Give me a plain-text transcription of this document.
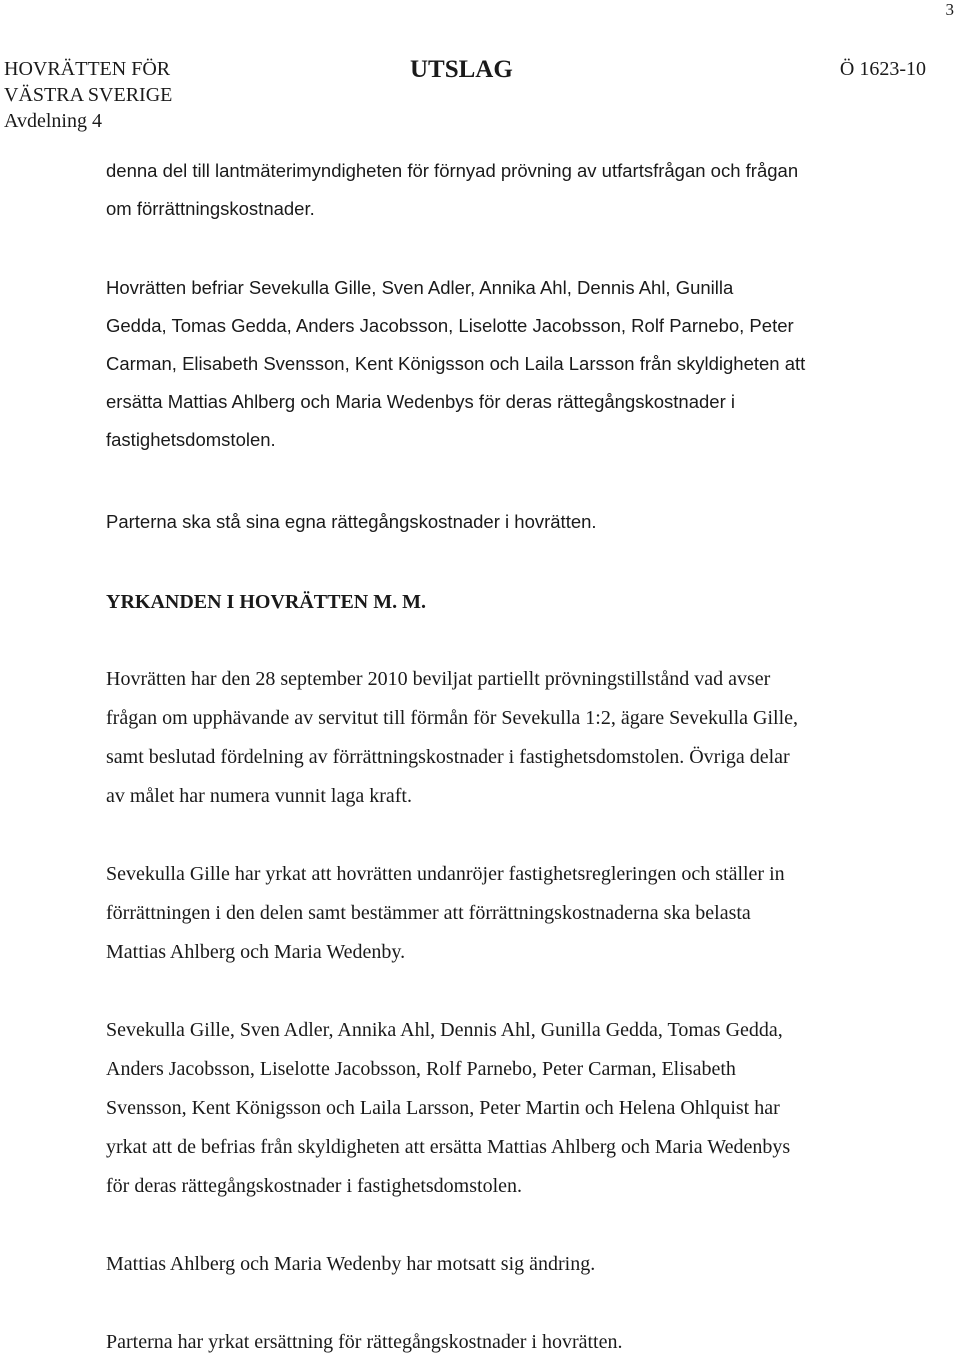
3
HOVRÄTTEN FÖR
VÄSTRA SVERIGE
Avdelning 4
UTSLAG	Ö 1623-10
denna del till lantmäterimyndigheten för förnyad prövning av utfartsfrågan och frågan
om förrättningskostnader.
Hovrätten befriar Sevekulla Gille, Sven Adler, Annika Ahl, Dennis Ahl, Gunilla
Gedda, Tomas Gedda, Anders Jacobsson, Liselotte Jacobsson, Rolf Parnebo, Peter
Carman, Elisabeth Svensson, Kent Königsson och Laila Larsson från skyldigheten att
ersätta Mattias Ahlberg och Maria Wedenbys för deras rättegångskostnader i
fastighetsdomstolen.
Parterna ska stå sina egna rättegångskostnader i hovrätten.
YRKANDEN I HOVRÄTTEN M. M.
Hovrätten har den 28 september 2010 beviljat partiellt prövningstillstånd vad avser
frågan om upphävande av servitut till förmån för Sevekulla 1:2, ägare Sevekulla Gille,
samt beslutad fördelning av förrättningskostnader i fastighetsdomstolen. Övriga delar
av målet har numera vunnit laga kraft.
Sevekulla Gille har yrkat att hovrätten undanröjer fastighetsregleringen och ställer in
förrättningen i den delen samt bestämmer att förrättningskostnaderna ska belasta
Mattias Ahlberg och Maria Wedenby.
Sevekulla Gille, Sven Adler, Annika Ahl, Dennis Ahl, Gunilla Gedda, Tomas Gedda,
Anders Jacobsson, Liselotte Jacobsson, Rolf Parnebo, Peter Carman, Elisabeth
Svensson, Kent Königsson och Laila Larsson, Peter Martin och Helena Ohlquist har
yrkat att de befrias från skyldigheten att ersätta Mattias Ahlberg och Maria Wedenbys
för deras rättegångskostnader i fastighetsdomstolen.
Mattias Ahlberg och Maria Wedenby har motsatt sig ändring.
Parterna har yrkat ersättning för rättegångskostnader i hovrätten.
